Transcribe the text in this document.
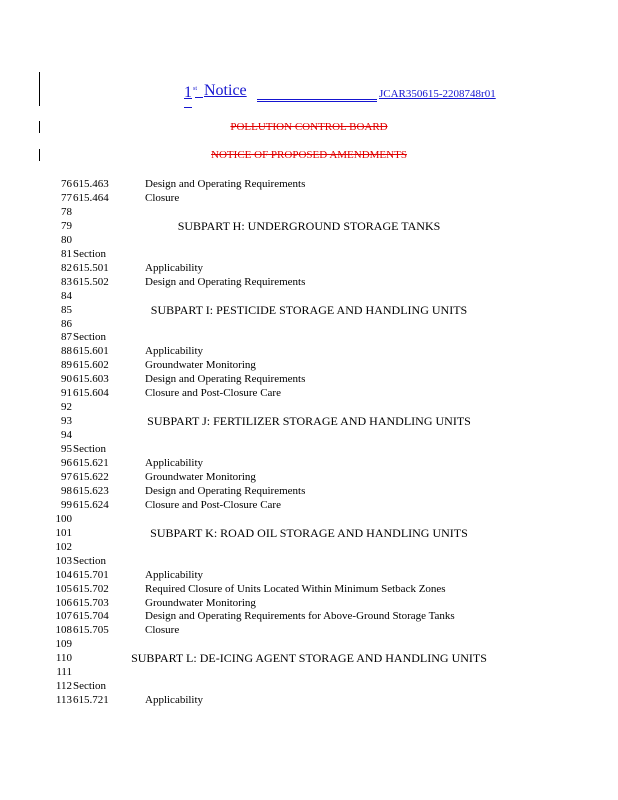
1 st Notice	JCAR350615-2208748r01
POLLUTION CONTROL BOARD
NOTICE OF PROPOSED AMENDMENTS
76 615.463	Design and Operating Requirements
77 615.464	Closure
78
79	SUBPART H: UNDERGROUND STORAGE TANKS
80
81 Section
82 615.501	Applicability
83 615.502	Design and Operating Requirements
84
85	SUBPART I: PESTICIDE STORAGE AND HANDLING UNITS
86
87 Section
88 615.601	Applicability
89 615.602	Groundwater Monitoring
90 615.603	Design and Operating Requirements
91 615.604	Closure and Post-Closure Care
92
93	SUBPART J: FERTILIZER STORAGE AND HANDLING UNITS
94
95 Section
96 615.621	Applicability
97 615.622	Groundwater Monitoring
98 615.623	Design and Operating Requirements
99 615.624	Closure and Post-Closure Care
100
101	SUBPART K: ROAD OIL STORAGE AND HANDLING UNITS
102
103 Section
104 615.701	Applicability
105 615.702	Required Closure of Units Located Within Minimum Setback Zones
106 615.703	Groundwater Monitoring
107 615.704	Design and Operating Requirements for Above-Ground Storage Tanks
108 615.705	Closure
109
110	SUBPART L: DE-ICING AGENT STORAGE AND HANDLING UNITS
111
112 Section
113 615.721	Applicability
